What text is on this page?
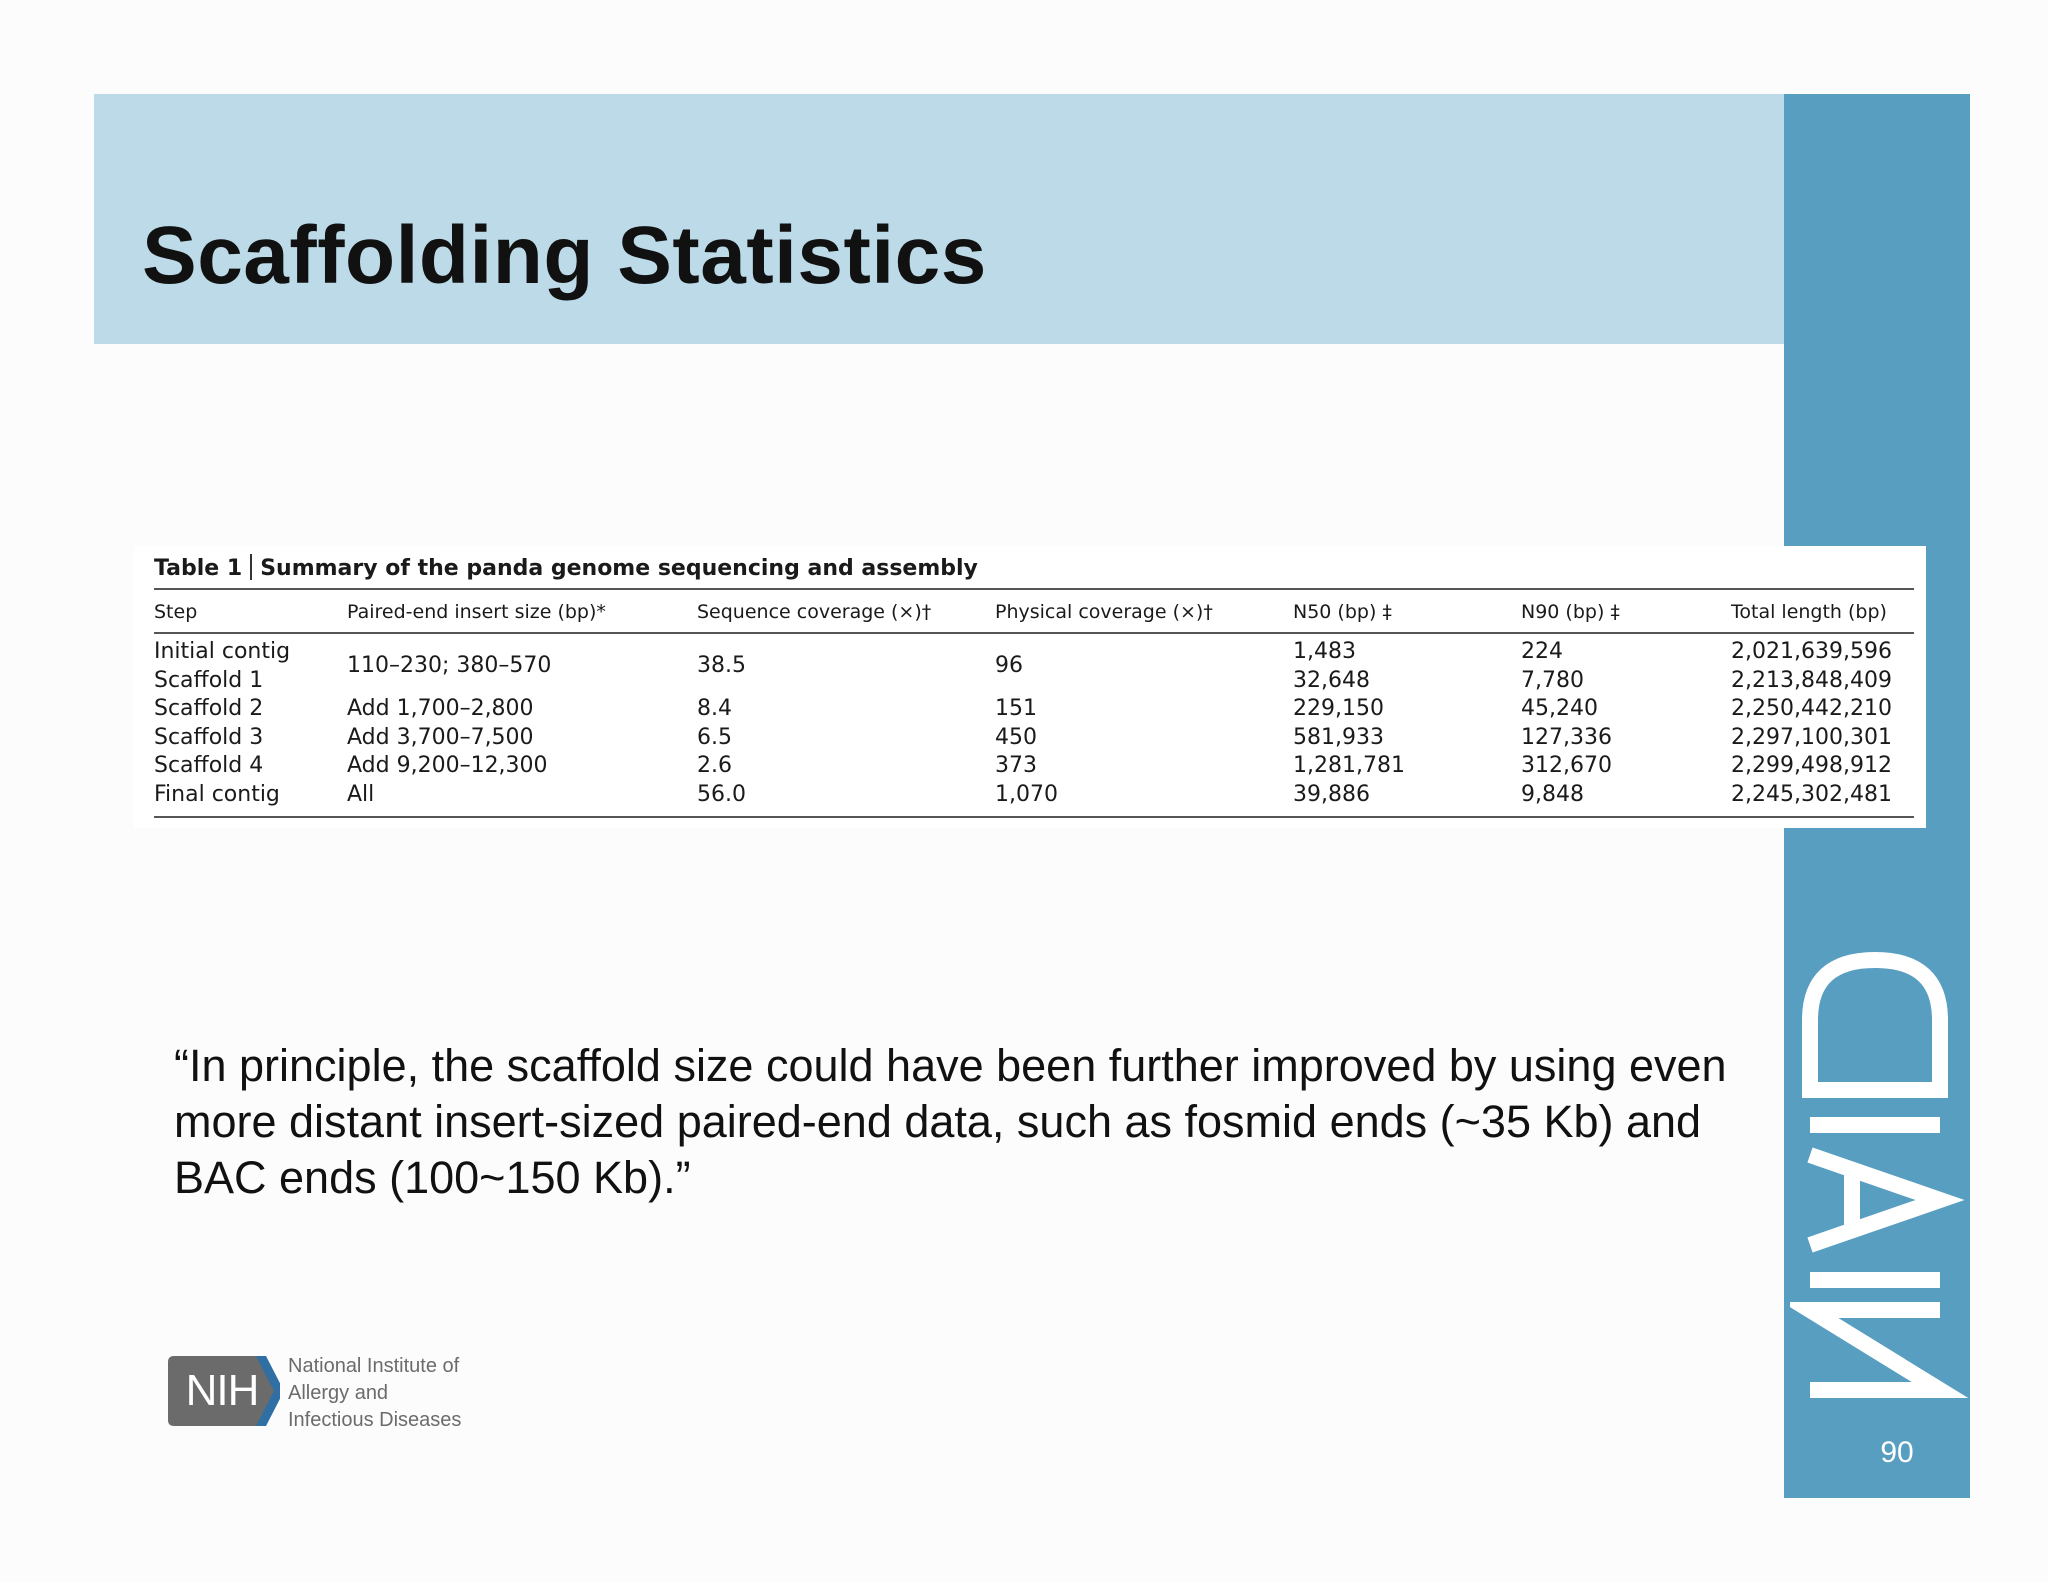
Scaffolding Statistics

Table 1 Summary of the panda genome sequencing and assembly

Step	Paired-end insert size (bp)*	Sequence coverage (×)†	Physical coverage (×)†	N50 (bp) ‡	N90 (bp) ‡	Total length (bp)
Initial contig	110–230; 380–570	38.5	96	1,483	224	2,021,639,596
Scaffold 1				32,648	7,780	2,213,848,409
Scaffold 2	Add 1,700–2,800	8.4	151	229,150	45,240	2,250,442,210
Scaffold 3	Add 3,700–7,500	6.5	450	581,933	127,336	2,297,100,301
Scaffold 4	Add 9,200–12,300	2.6	373	1,281,781	312,670	2,299,498,912
Final contig	All	56.0	1,070	39,886	9,848	2,245,302,481

“In principle, the scaffold size could have been further improved by using even more distant insert-sized paired-end data, such as fosmid ends (~35 Kb) and BAC ends (100~150 Kb).”

NIH	National Institute of
Allergy and
Infectious Diseases

90
